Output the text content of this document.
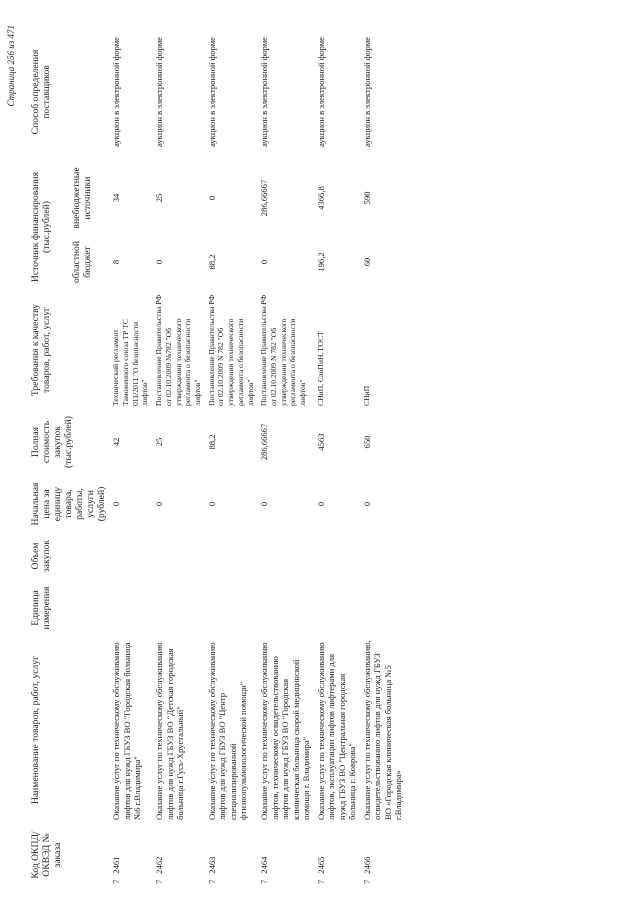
Страница 256 из 471
Код ОКПД/ ОКВЭД № заказа	Наименование товаров, работ, услуг	Единица измерения	Объем закупок	Начальная цена за единицу товара, работы, услуги (рублей)	Полная стоимость закупок (тыс.рублей)	Требования к качеству товаров, работ, услуг	Источник финансирования (тыс.рублей)		Способ определения поставщиков
							областной бюджет	внебюджетные источники	
72461	Оказание услуг по техническому обслуживанию лифтов для нужд ГБУЗ ВО "Городская больница №6 г.Владимира"			0	42	Технический регламент Таможенного союза ТР ТС 011/2011 "О безопасности лифтов"	8	34	аукцион в электронной форме
72462	Оказание услуг по техническому обслуживанию лифтов для нужд ГБУЗ ВО "Детская городская больница г.Гусь-Хрустальный"			0	25	Постановление Правительства РФ от 02.10.2009 №782 "Об утверждении технического регламента о безопасности лифтов"	0	25	аукцион в электронной форме
72463	Оказание услуг по техническому обслуживанию лифтов для нужд ГБУЗ ВО "Центр специализированной фтизиопульмонологической помощи"			0	88,2	Постановление Правительства РФ от 02.10.2009 N 782 "Об утверждении технического регламента о безопасности лифтов"	88,2	0	аукцион в электронной форме
72464	Оказание услуг по техническому обслуживанию лифтов, техническому освидетельствованию лифтов для нужд ГБУЗ ВО "Городская клиническая больница скорой медицинской помощи г. Владимира"			0	286,66667	Постановление Правительства РФ от 02.10.2009 N 782 "Об утверждении технического регламента о безопасности лифтов"	0	286,66667	аукцион в электронной форме
72465	Оказание услуг по техническому обслуживанию лифтов, эксплуатации лифтов лифтерами для нужд ГБУЗ ВО "Центральная городская больница г. Коврова"			0	4563	СНиП, СанПиН, ГОСТ	196,2	4366,8	аукцион в электронной форме
72466	Оказание услуг по техническому обслуживанию, освидетельствованию лифтов для нужд ГБУЗ ВО «Городская клиническая больница №5 г.Владимира»			0	650	СНиП	60	590	аукцион в электронной форме
